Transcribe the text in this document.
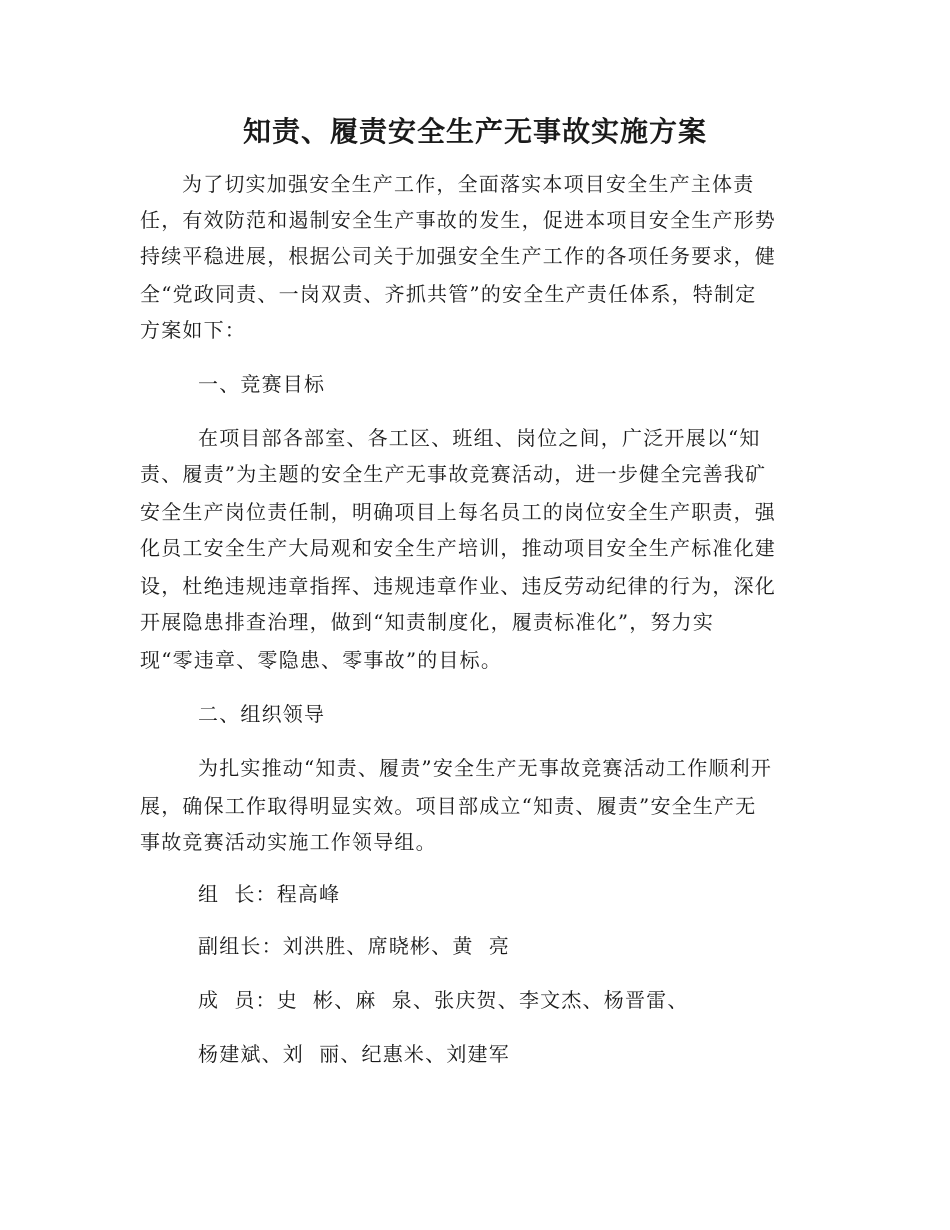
知责、履责安全生产无事故实施方案

为了切实加强安全生产工作，全面落实本项目安全生产主体责

任，有效防范和遏制安全生产事故的发生，促进本项目安全生产形势

持续平稳进展，根据公司关于加强安全生产工作的各项任务要求，健

全“党政同责、一岗双责、齐抓共管”的安全生产责任体系，特制定

方案如下：

一、竞赛目标

在项目部各部室、各工区、班组、岗位之间，广泛开展以“知

责、履责”为主题的安全生产无事故竞赛活动，进一步健全完善我矿

安全生产岗位责任制，明确项目上每名员工的岗位安全生产职责，强

化员工安全生产大局观和安全生产培训，推动项目安全生产标准化建

设，杜绝违规违章指挥、违规违章作业、违反劳动纪律的行为，深化

开展隐患排查治理，做到“知责制度化，履责标准化”，努力实

现“零违章、零隐患、零事故”的目标。

二、组织领导

为扎实推动“知责、履责”安全生产无事故竞赛活动工作顺利开

展，确保工作取得明显实效。项目部成立“知责、履责”安全生产无

事故竞赛活动实施工作领导组。

组  长：程高峰

副组长：刘洪胜、席晓彬、黄  亮

成  员：史  彬、麻  泉、张庆贺、李文杰、杨晋雷、

杨建斌、刘  丽、纪惠米、刘建军
